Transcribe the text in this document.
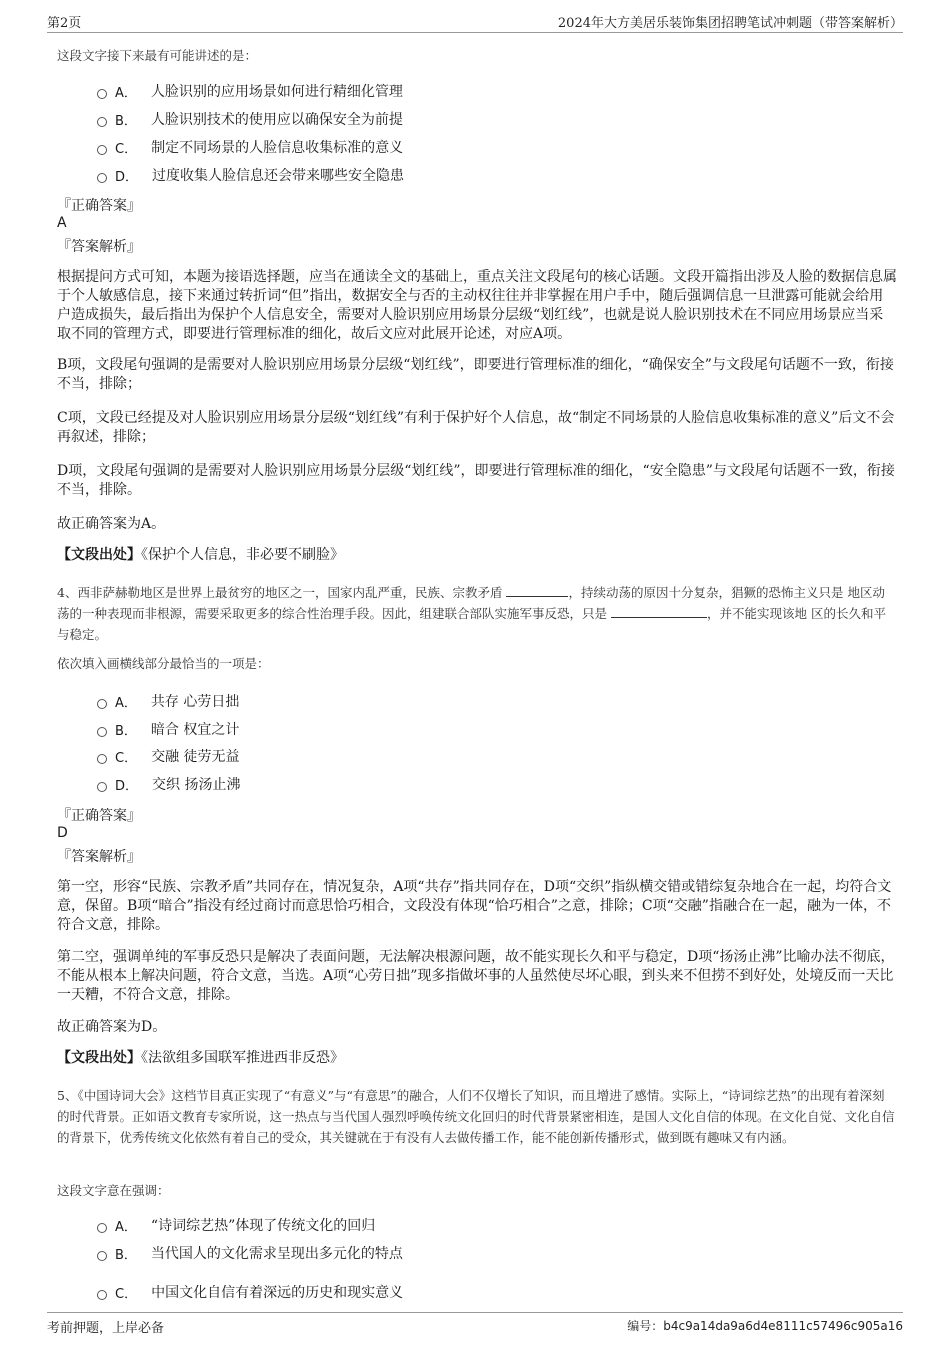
第2页	2024年大方美居乐装饰集团招聘笔试冲刺题（带答案解析）
这段文字接下来最有可能讲述的是：
A． 人脸识别的应用场景如何进行精细化管理
B． 人脸识别技术的使用应以确保安全为前提
C． 制定不同场景的人脸信息收集标准的意义
D． 过度收集人脸信息还会带来哪些安全隐患
『正确答案』
A
『答案解析』
根据提问方式可知，本题为接语选择题，应当在通读全文的基础上，重点关注文段尾句的核心话题。文段开篇指出涉及人脸的数据信息属于个人敏感信息，接下来通过转折词“但”指出，数据安全与否的主动权往往并非掌握在用户手中，随后强调信息一旦泄露可能就会给用户造成损失，最后指出为保护个人信息安全，需要对人脸识别应用场景分层级“划红线”，也就是说人脸识别技术在不同应用场景应当采取不同的管理方式，即要进行管理标准的细化，故后文应对此展开论述，对应A项。
B项，文段尾句强调的是需要对人脸识别应用场景分层级“划红线”，即要进行管理标准的细化，“确保安全”与文段尾句话题不一致，衔接不当，排除；
C项，文段已经提及对人脸识别应用场景分层级“划红线”有利于保护好个人信息，故“制定不同场景的人脸信息收集标准的意义”后文不会再叙述，排除；
D项，文段尾句强调的是需要对人脸识别应用场景分层级“划红线”，即要进行管理标准的细化，“安全隐患”与文段尾句话题不一致，衔接不当，排除。
故正确答案为A。
【文段出处】《保护个人信息，非必要不刷脸》
4、西非萨赫勒地区是世界上最贫穷的地区之一，国家内乱严重，民族、宗教矛盾	，持续动荡的原因十分复杂，猖獗的恐怖主义只是 地区动荡的一种表现而非根源，需要采取更多的综合性治理手段。因此，组建联合部队实施军事反恐，只是	，并不能实现该地 区的长久和平与稳定。
依次填入画横线部分最恰当的一项是：
A． 共存 心劳日拙
B． 暗合 权宜之计
C． 交融 徒劳无益
D． 交织 扬汤止沸
『正确答案』
D
『答案解析』
第一空，形容“民族、宗教矛盾”共同存在，情况复杂，A项“共存”指共同存在，D项“交织”指纵横交错或错综复杂地合在一起，均符合文意，保留。B项“暗合”指没有经过商讨而意思恰巧相合，文段没有体现“恰巧相合”之意，排除；C项“交融”指融合在一起，融为一体，不符合文意，排除。
第二空，强调单纯的军事反恐只是解决了表面问题，无法解决根源问题，故不能实现长久和平与稳定，D项“扬汤止沸”比喻办法不彻底，不能从根本上解决问题，符合文意，当选。A项“心劳日拙”现多指做坏事的人虽然使尽坏心眼，到头来不但捞不到好处，处境反而一天比一天糟，不符合文意，排除。
故正确答案为D。
【文段出处】《法欲组多国联军推进西非反恐》
5、《中国诗词大会》这档节目真正实现了“有意义”与“有意思”的融合，人们不仅增长了知识，而且增进了感情。实际上，“诗词综艺热”的出现有着深刻的时代背景。正如语文教育专家所说，这一热点与当代国人强烈呼唤传统文化回归的时代背景紧密相连，是国人文化自信的体现。在文化自觉、文化自信的背景下，优秀传统文化依然有着自己的受众，其关键就在于有没有人去做传播工作，能不能创新传播形式，做到既有趣味又有内涵。
这段文字意在强调：
A． “诗词综艺热”体现了传统文化的回归
B． 当代国人的文化需求呈现出多元化的特点
C． 中国文化自信有着深远的历史和现实意义
考前押题，上岸必备	编号：b4c9a14da9a6d4e8111c57496c905a16
